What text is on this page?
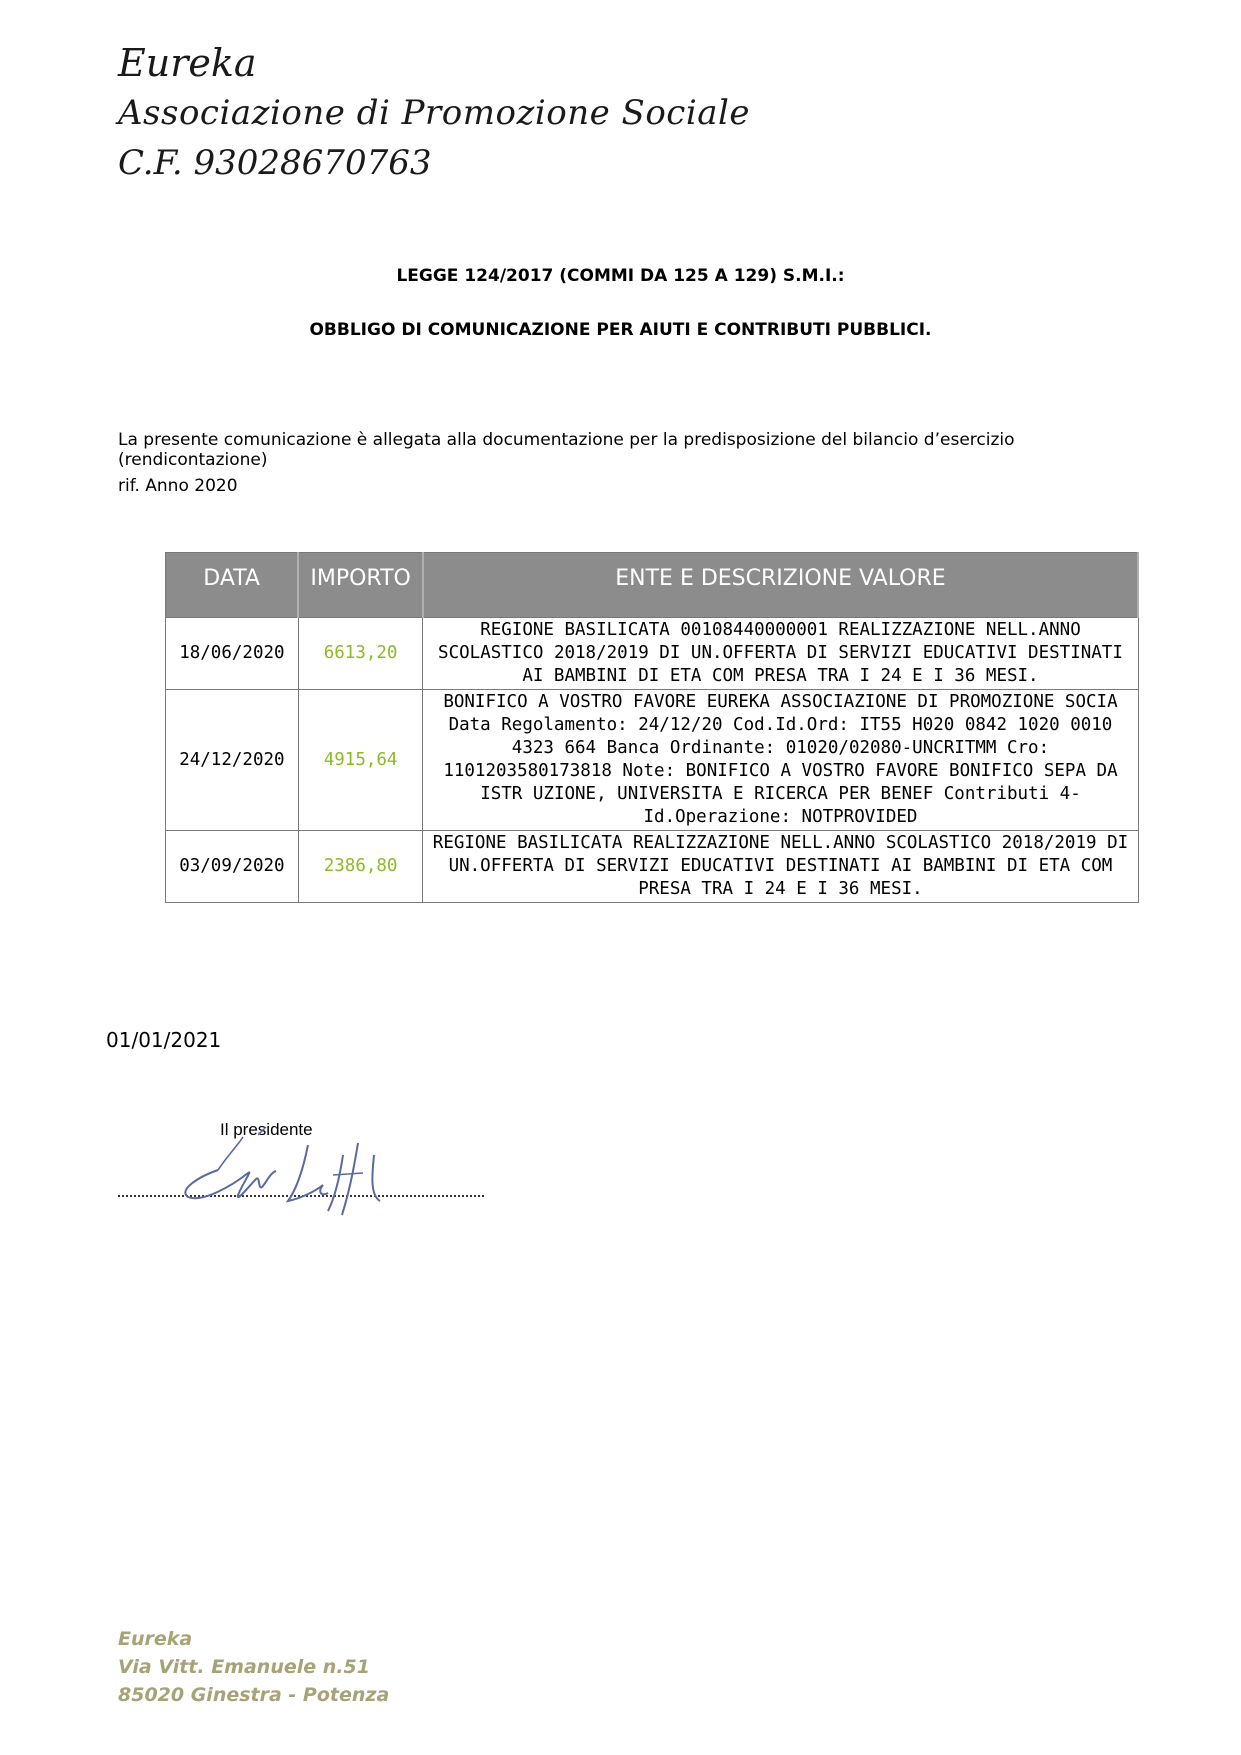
Eureka
Associazione di Promozione Sociale
C.F. 93028670763
LEGGE 124/2017 (COMMI DA 125 A 129) S.M.I.:
OBBLIGO DI COMUNICAZIONE PER AIUTI E CONTRIBUTI PUBBLICI.
La presente comunicazione è allegata alla documentazione per la predisposizione del bilancio d’esercizio (rendicontazione)
rif. Anno 2020
DATA	IMPORTO	ENTE E DESCRIZIONE VALORE
18/06/2020	6613,20	REGIONE BASILICATA 00108440000001 REALIZZAZIONE NELL.ANNO SCOLASTICO 2018/2019 DI UN.OFFERTA DI SERVIZI EDUCATIVI DESTINATI AI BAMBINI DI ETA COM PRESA TRA I 24 E I 36 MESI.
24/12/2020	4915,64	BONIFICO A VOSTRO FAVORE EUREKA ASSOCIAZIONE DI PROMOZIONE SOCIA Data Regolamento: 24/12/20 Cod.Id.Ord: IT55 H020 0842 1020 0010 4323 664 Banca Ordinante: 01020/02080-UNCRITMM Cro: 1101203580173818 Note: BONIFICO A VOSTRO FAVORE BONIFICO SEPA DA ISTR UZIONE, UNIVERSITA E RICERCA PER BENEF Contributi 4-Id.Operazione: NOTPROVIDED
03/09/2020	2386,80	REGIONE BASILICATA REALIZZAZIONE NELL.ANNO SCOLASTICO 2018/2019 DI UN.OFFERTA DI SERVIZI EDUCATIVI DESTINATI AI BAMBINI DI ETA COM PRESA TRA I 24 E I 36 MESI.
01/01/2021
Il presidente
Eureka
Via Vitt. Emanuele n.51
85020 Ginestra - Potenza
